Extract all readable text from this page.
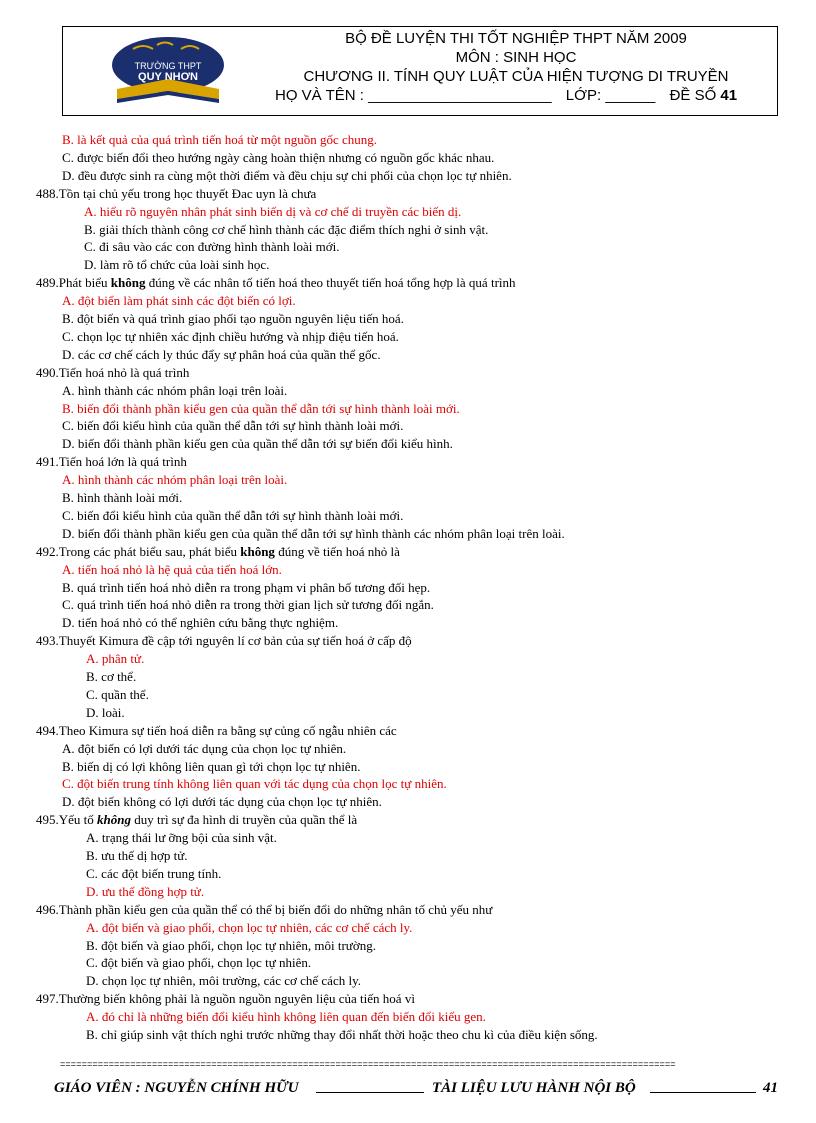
TRƯỜNG THPT
QUY NHƠN
BỘ ĐỀ LUYỆN THI TỐT NGHIỆP THPT NĂM 2009
MÔN : SINH HỌC
CHƯƠNG II. TÍNH QUY LUẬT CỦA HIỆN TƯỢNG DI TRUYỀN
HỌ VÀ TÊN : ______________________ LỚP: ______ ĐỀ SỐ 41
B. là kết quả của quá trình tiến hoá từ một nguồn gốc chung.
C. được biến đổi theo hướng ngày càng hoàn thiện nhưng có nguồn gốc khác nhau.
D. đều được sinh ra cùng một thời điểm và đều chịu sự chi phối của chọn lọc tự nhiên.
488.Tồn tại chủ yếu trong học thuyết Đac uyn là chưa
A. hiểu rõ nguyên nhân phát sinh biến dị và cơ chế di truyền các biến dị.
B. giải thích thành công cơ chế hình thành các đặc điểm thích nghi ở sinh vật.
C. đi sâu vào các con đường hình thành loài mới.
D. làm rõ tổ chức của loài sinh học.
489.Phát biểu không đúng về các nhân tố tiến hoá theo thuyết tiến hoá tổng hợp là quá trình
A. đột biến làm phát sinh các đột biến có lợi.
B. đột biến và quá trình giao phối tạo nguồn nguyên liệu tiến hoá.
C. chọn lọc tự nhiên xác định chiều hướng và nhịp điệu tiến hoá.
D. các cơ chế cách ly thúc đẩy sự phân hoá của quần thể gốc.
490.Tiến hoá nhỏ là quá trình
A. hình thành các nhóm phân loại trên loài.
B. biến đổi thành phần kiểu gen của quần thể dẫn tới sự hình thành loài mới.
C. biến đổi kiểu hình của quần thể dẫn tới sự hình thành loài mới.
D. biến đổi thành phần kiểu gen của quần thể dẫn tới sự biến đổi kiểu hình.
491.Tiến hoá lớn là quá trình
A. hình thành các nhóm phân loại trên loài.
B. hình thành loài mới.
C. biến đổi kiểu hình của quần thể dẫn tới sự hình thành loài mới.
D. biến đổi thành phần kiểu gen của quần thể dẫn tới sự hình thành các nhóm phân loại trên loài.
492.Trong các phát biểu sau, phát biểu không đúng về tiến hoá nhỏ là
A. tiến hoá nhỏ là hệ quả của tiến hoá lớn.
B. quá trình tiến hoá nhỏ diễn ra trong phạm vi phân bố tương đối hẹp.
C. quá trình tiến hoá nhỏ diễn ra trong thời gian lịch sử tương đối ngắn.
D. tiến hoá nhỏ có thể nghiên cứu bằng thực nghiệm.
493.Thuyết Kimura đề cập tới nguyên lí cơ bản của sự tiến hoá ở cấp độ
A. phân tử.
B. cơ thể.
C. quần thể.
D. loài.
494.Theo Kimura sự tiến hoá diễn ra bằng sự củng cố ngẫu nhiên các
A. đột biến có lợi dưới tác dụng của chọn lọc tự nhiên.
B. biến dị có lợi không liên quan gì tới chọn lọc tự nhiên.
C. đột biến trung tính không liên quan với tác dụng của chọn lọc tự nhiên.
D. đột biến không có lợi dưới tác dụng của chọn lọc tự nhiên.
495.Yếu tố không duy trì sự đa hình di truyền của quần thể là
A. trạng thái lư ỡng bội của sinh vật.
B. ưu thế dị hợp tử.
C. các đột biến trung tính.
D. ưu thế đồng hợp tử.
496.Thành phần kiểu gen của quần thể có thể bị biến đổi do những nhân tố chủ yếu như
A. đột biến và giao phối, chọn lọc tự nhiên, các cơ chế cách ly.
B. đột biến và giao phối, chọn lọc tự nhiên, môi trường.
C. đột biến và giao phối, chọn lọc tự nhiên.
D. chọn lọc tự nhiên, môi trường, các cơ chế cách ly.
497.Thường biến không phải là nguồn nguồn nguyên liệu của tiến hoá vì
A. đó chỉ là những biến đổi kiểu hình không liên quan đến biến đổi kiểu gen.
B. chỉ giúp sinh vật thích nghi trước những thay đổi nhất thời hoặc theo chu kì của điều kiện sống.
==================================================================================================================
GIÁO VIÊN : NGUYỄN CHÍNH HỮU	TÀI LIỆU LƯU HÀNH NỘI BỘ	41
